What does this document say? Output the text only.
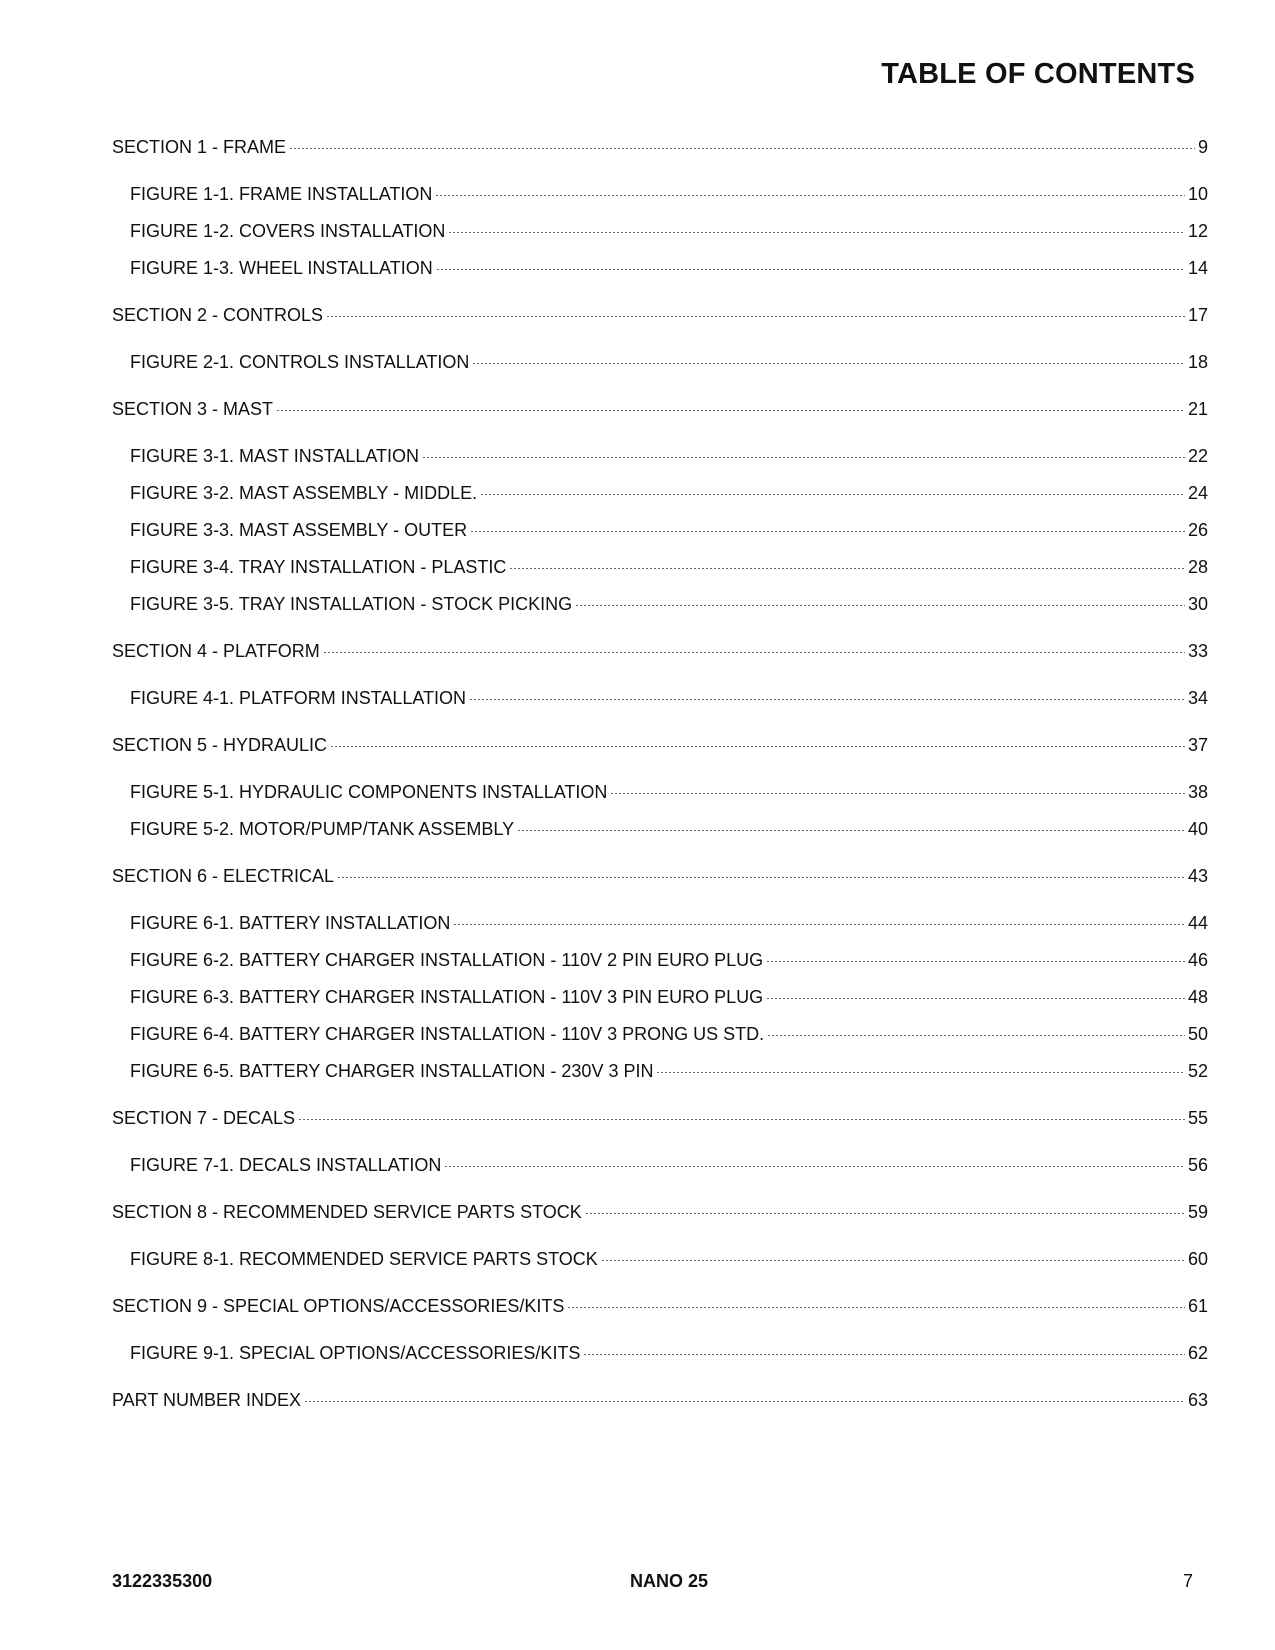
TABLE OF CONTENTS
SECTION 1 - FRAME	9
FIGURE 1-1. FRAME INSTALLATION	10
FIGURE 1-2. COVERS INSTALLATION	12
FIGURE 1-3. WHEEL INSTALLATION	14
SECTION 2 - CONTROLS	17
FIGURE 2-1. CONTROLS INSTALLATION	18
SECTION 3 - MAST	21
FIGURE 3-1. MAST INSTALLATION	22
FIGURE 3-2. MAST ASSEMBLY - MIDDLE.	24
FIGURE 3-3. MAST ASSEMBLY - OUTER	26
FIGURE 3-4. TRAY INSTALLATION - PLASTIC	28
FIGURE 3-5. TRAY INSTALLATION - STOCK PICKING	30
SECTION 4 - PLATFORM	33
FIGURE 4-1. PLATFORM INSTALLATION	34
SECTION 5 - HYDRAULIC	37
FIGURE 5-1. HYDRAULIC COMPONENTS INSTALLATION	38
FIGURE 5-2. MOTOR/PUMP/TANK ASSEMBLY	40
SECTION 6 - ELECTRICAL	43
FIGURE 6-1. BATTERY INSTALLATION	44
FIGURE 6-2. BATTERY CHARGER INSTALLATION - 110V 2 PIN EURO PLUG	46
FIGURE 6-3. BATTERY CHARGER INSTALLATION - 110V 3 PIN EURO PLUG	48
FIGURE 6-4. BATTERY CHARGER INSTALLATION - 110V 3 PRONG US STD.	50
FIGURE 6-5. BATTERY CHARGER INSTALLATION - 230V 3 PIN	52
SECTION 7 - DECALS	55
FIGURE 7-1. DECALS INSTALLATION	56
SECTION 8 - RECOMMENDED SERVICE PARTS STOCK	59
FIGURE 8-1. RECOMMENDED SERVICE PARTS STOCK	60
SECTION 9 - SPECIAL OPTIONS/ACCESSORIES/KITS	61
FIGURE 9-1. SPECIAL OPTIONS/ACCESSORIES/KITS	62
PART NUMBER INDEX	63
3122335300	NANO 25	7
